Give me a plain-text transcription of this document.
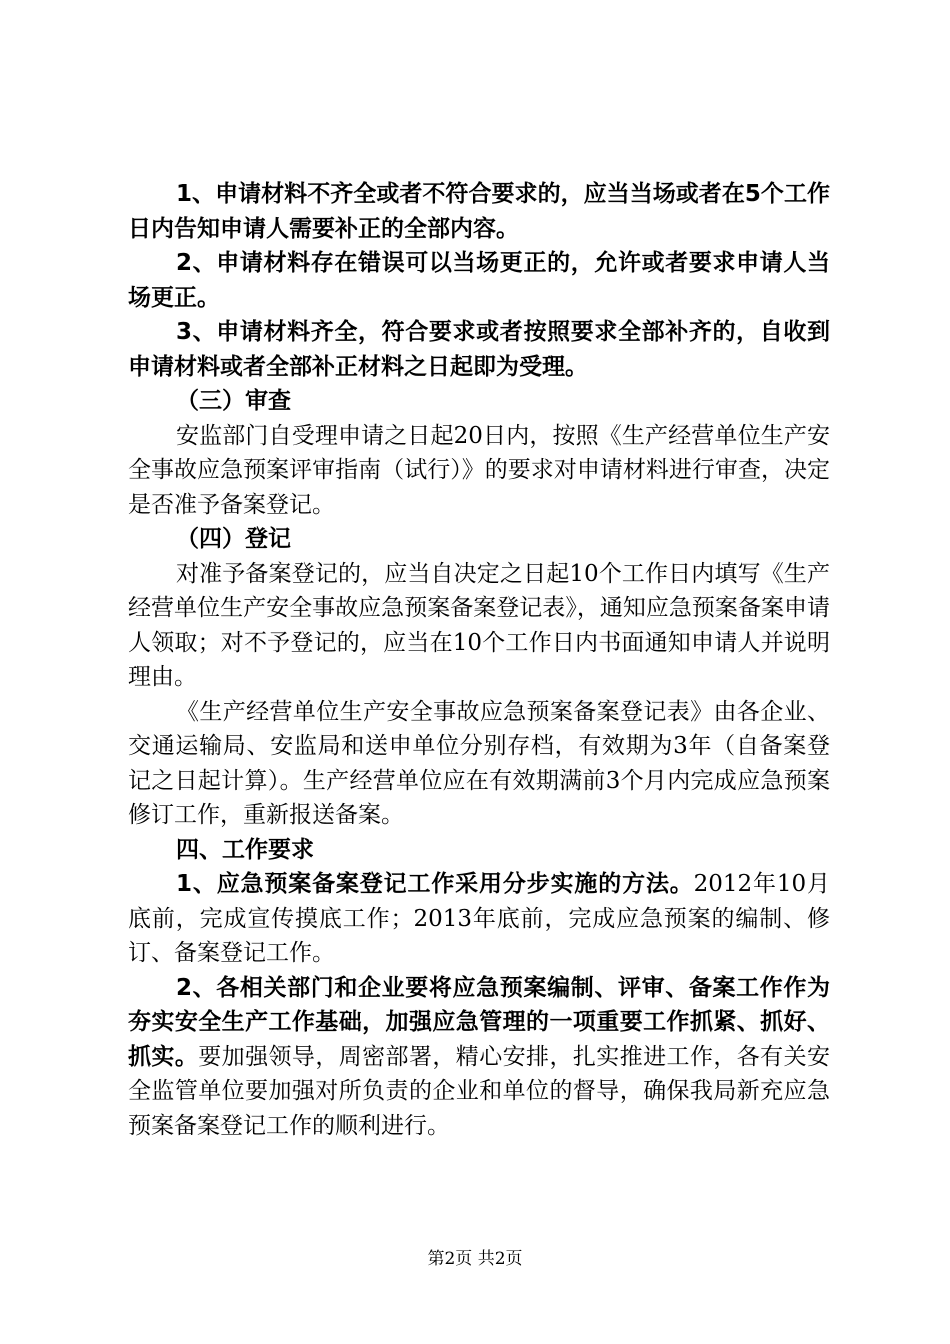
1、申请材料不齐全或者不符合要求的，应当当场或者在5个工作日内告知申请人需要补正的全部内容。

2、申请材料存在错误可以当场更正的，允许或者要求申请人当场更正。

3、申请材料齐全，符合要求或者按照要求全部补齐的，自收到申请材料或者全部补正材料之日起即为受理。

（三）审查

安监部门自受理申请之日起20日内，按照《生产经营单位生产安全事故应急预案评审指南（试行）》的要求对申请材料进行审查，决定是否准予备案登记。

（四）登记

对准予备案登记的，应当自决定之日起10个工作日内填写《生产经营单位生产安全事故应急预案备案登记表》，通知应急预案备案申请人领取；对不予登记的，应当在10个工作日内书面通知申请人并说明理由。

《生产经营单位生产安全事故应急预案备案登记表》由各企业、交通运输局、安监局和送申单位分别存档，有效期为3年（自备案登记之日起计算）。生产经营单位应在有效期满前3个月内完成应急预案修订工作，重新报送备案。

四、工作要求

1、应急预案备案登记工作采用分步实施的方法。2012年10月底前，完成宣传摸底工作；2013年底前，完成应急预案的编制、修订、备案登记工作。

2、各相关部门和企业要将应急预案编制、评审、备案工作作为夯实安全生产工作基础，加强应急管理的一项重要工作抓紧、抓好、抓实。要加强领导，周密部署，精心安排，扎实推进工作，各有关安全监管单位要加强对所负责的企业和单位的督导，确保我局新充应急预案备案登记工作的顺利进行。

第2页 共2页
